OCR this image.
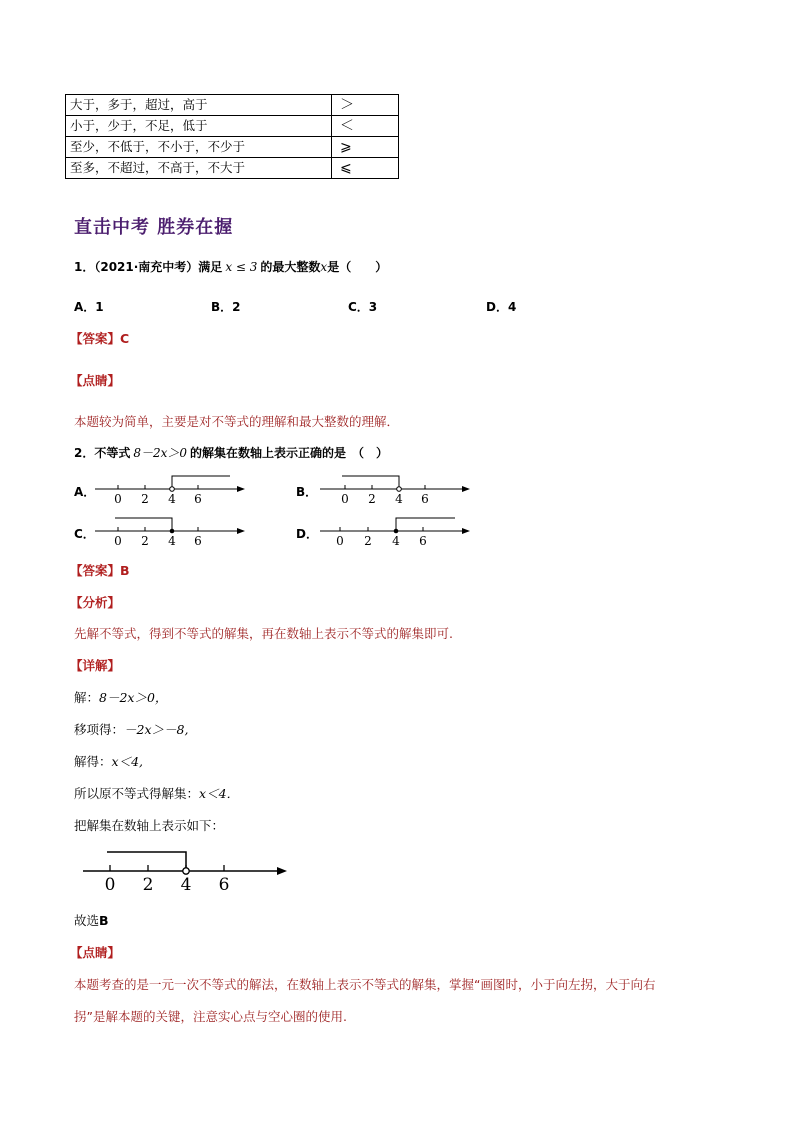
大于，多于，超过，高于	＞
小于，少于，不足，低于	＜
至少，不低于，不小于，不少于	⩾
至多，不超过，不高于，不大于	⩽
直击中考 胜券在握
1．（2021·南充中考）满足 x ≤ 3 的最大整数x是（　　）
A．1	B．2	C．3	D．4
【答案】C
【点睛】
本题较为简单，主要是对不等式的理解和最大整数的理解．
2．不等式 8－2x＞0 的解集在数轴上表示正确的是　（　）
A．	B．
C．	D．
0 2 4 6
0 2 4 6
0 2 4 6
0 2 4 6
【答案】B
【分析】
先解不等式，得到不等式的解集，再在数轴上表示不等式的解集即可.
【详解】
解：8－2x＞0，
移项得：－2x＞－8,
解得：x＜4,
所以原不等式得解集：x＜4．
把解集在数轴上表示如下：
0 2 4 6
故选B
【点睛】
本题考查的是一元一次不等式的解法，在数轴上表示不等式的解集，掌握“画图时，小于向左拐，大于向右
拐”是解本题的关键，注意实心点与空心圈的使用.
